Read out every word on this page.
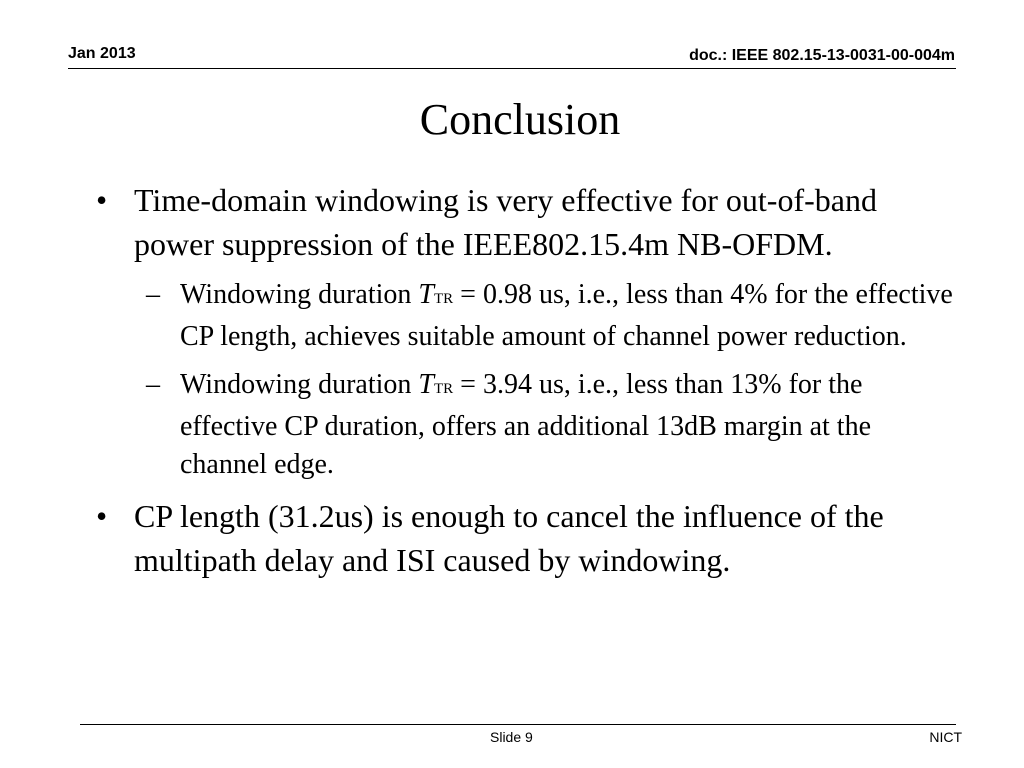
Jan 2013	doc.: IEEE 802.15-13-0031-00-004m
Conclusion
• Time-domain windowing is very effective for out-of-band power suppression of the IEEE802.15.4m NB-OFDM.
– Windowing duration TTR = 0.98 us, i.e., less than 4% for the effective CP length, achieves suitable amount of channel power reduction.
– Windowing duration TTR = 3.94 us, i.e., less than 13% for the effective CP duration, offers an additional 13dB margin at the channel edge.
• CP length (31.2us) is enough to cancel the influence of the multipath delay and ISI caused by windowing.
Slide 9	NICT
